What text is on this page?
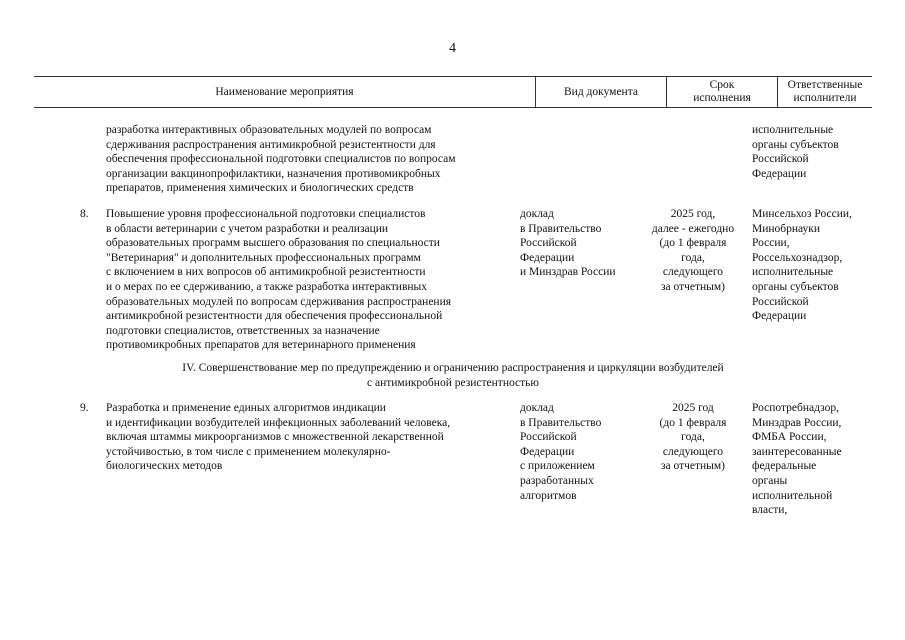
4
Наименование мероприятия	Вид документа
Срок
исполнения
Ответственные
исполнители
разработка интерактивных образовательных модулей по вопросам
сдерживания распространения антимикробной резистентности для
обеспечения профессиональной подготовки специалистов по вопросам
организации вакцинопрофилактики, назначения противомикробных
препаратов, применения химических и биологических средств
исполнительные
органы субъектов
Российской
Федерации
8. Повышение уровня профессиональной подготовки специалистов
в области ветеринарии с учетом разработки и реализации
образовательных программ высшего образования по специальности
"Ветеринария" и дополнительных профессиональных программ
с включением в них вопросов об антимикробной резистентности
и о мерах по ее сдерживанию, а также разработка интерактивных
образовательных модулей по вопросам сдерживания распространения
антимикробной резистентности для обеспечения профессиональной
подготовки специалистов, ответственных за назначение
противомикробных препаратов для ветеринарного применения
доклад
в Правительство
Российской
Федерации
и Минздрав России
2025 год,
далее - ежегодно
(до 1 февраля
года,
следующего
за отчетным)
Минсельхоз России,
Минобрнауки
России,
Россельхознадзор,
исполнительные
органы субъектов
Российской
Федерации
IV. Совершенствование мер по предупреждению и ограничению распространения и циркуляции возбудителей
с антимикробной резистентностью
9. Разработка и применение единых алгоритмов индикации
и идентификации возбудителей инфекционных заболеваний человека,
включая штаммы микроорганизмов с множественной лекарственной
устойчивостью, в том числе с применением молекулярно-
биологических методов
доклад
в Правительство
Российской
Федерации
с приложением
разработанных
алгоритмов
2025 год
(до 1 февраля
года,
следующего
за отчетным)
Роспотребнадзор,
Минздрав России,
ФМБА России,
заинтересованные
федеральные
органы
исполнительной
власти,
